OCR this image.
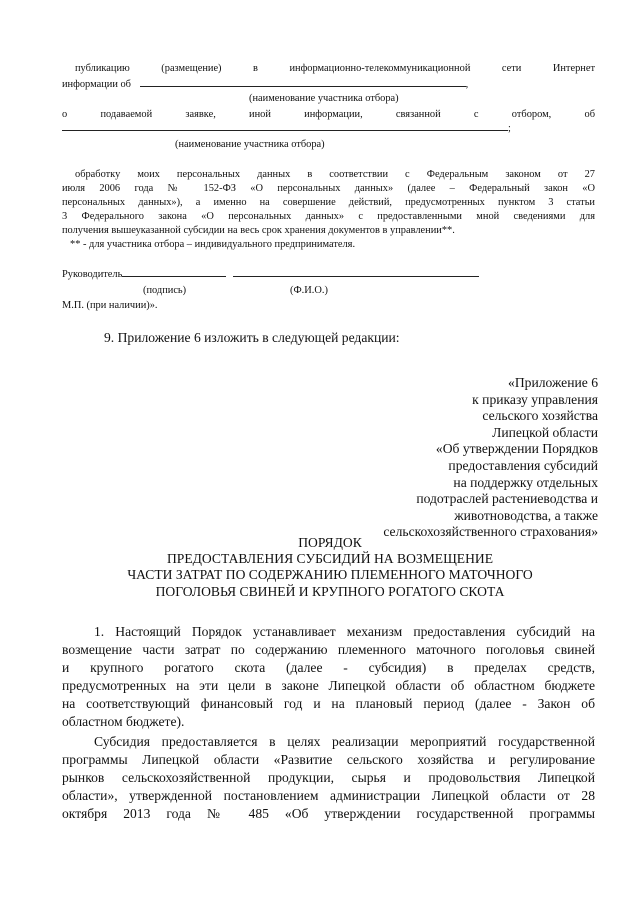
публикацию (размещение) в информационно-телекоммуникационной сети Интернет
информации об	,
(наименование участника отбора)
о подаваемой заявке, иной информации, связанной с отбором, об
;
(наименование участника отбора)
обработку моих персональных данных в соответствии с Федеральным законом от 27
июля 2006 года № 152-ФЗ «О персональных данных» (далее – Федеральный закон «О
персональных данных»), а именно на совершение действий, предусмотренных пунктом 3 статьи
3 Федерального закона «О персональных данных» с предоставленными мной сведениями для
получения вышеуказанной субсидии на весь срок хранения документов в управлении**.
** - для участника отбора – индивидуального предпринимателя.
Руководитель
(подпись)	(Ф.И.О.)
М.П. (при наличии)».
9. Приложение 6 изложить в следующей редакции:
«Приложение 6
к приказу управления
сельского хозяйства
Липецкой области
«Об утверждении Порядков
предоставления субсидий
на поддержку отдельных
подотраслей растениеводства и
животноводства, а также
сельскохозяйственного страхования»
ПОРЯДОК
ПРЕДОСТАВЛЕНИЯ СУБСИДИЙ НА ВОЗМЕЩЕНИЕ
ЧАСТИ ЗАТРАТ ПО СОДЕРЖАНИЮ ПЛЕМЕННОГО МАТОЧНОГО
ПОГОЛОВЬЯ СВИНЕЙ И КРУПНОГО РОГАТОГО СКОТА
1. Настоящий Порядок устанавливает механизм предоставления субсидий на
возмещение части затрат по содержанию племенного маточного поголовья свиней
и крупного рогатого скота (далее - субсидия) в пределах средств,
предусмотренных на эти цели в законе Липецкой области об областном бюджете
на соответствующий финансовый год и на плановый период (далее - Закон об
областном бюджете).
Субсидия предоставляется в целях реализации мероприятий государственной
программы Липецкой области «Развитие сельского хозяйства и регулирование
рынков сельскохозяйственной продукции, сырья и продовольствия Липецкой
области», утвержденной постановлением администрации Липецкой области от 28
октября 2013 года № 485 «Об утверждении государственной программы
